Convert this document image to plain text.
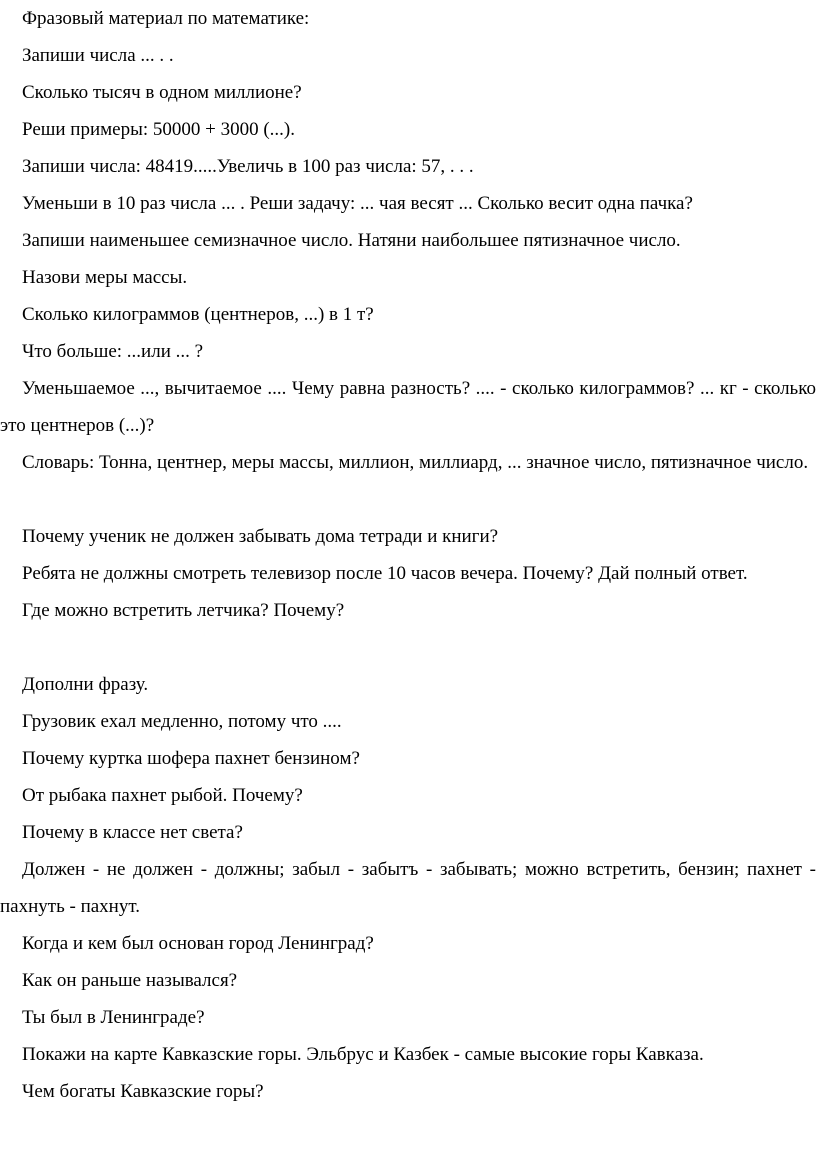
Фразовый материал по математике:

Запиши числа ... . .

Сколько тысяч в одном миллионе?

Реши примеры: 50000 + 3000 (...).

Запиши числа: 48419.....Увеличь в 100 раз числа: 57, . . .

Уменьши в 10 раз числа ... . Реши задачу: ... чая весят ... Сколько весит одна пачка?

Запиши наименьшее семизначное число. Натяни наибольшее пятизначное число.

Назови меры массы.

Сколько килограммов (центнеров, ...) в 1 т?

Что больше: ...или ... ?

Уменьшаемое ..., вычитаемое .... Чему равна разность? .... - сколько килограммов? ... кг - сколько это центнеров (...)?

Словарь: Тонна, центнер, меры массы, миллион, миллиард, ... значное число, пятизначное число.

Почему ученик не должен забывать дома тетради и книги?

Ребята не должны смотреть телевизор после 10 часов вечера. Почему? Дай полный ответ.

Где можно встретить летчика? Почему?

Дополни фразу.

Грузовик ехал медленно, потому что ....

Почему куртка шофера пахнет бензином?

От рыбака пахнет рыбой. Почему?

Почему в классе нет света?

Должен - не должен - должны; забыл - забытъ - забывать; можно встретить, бензин; пахнет - пахнуть - пахнут.

Когда и кем был основан город Ленинград?

Как он раньше назывался?

Ты был в Ленинграде?

Покажи на карте Кавказские горы. Эльбрус и Казбек - самые высокие горы Кавказа.

Чем богаты Кавказские горы?
